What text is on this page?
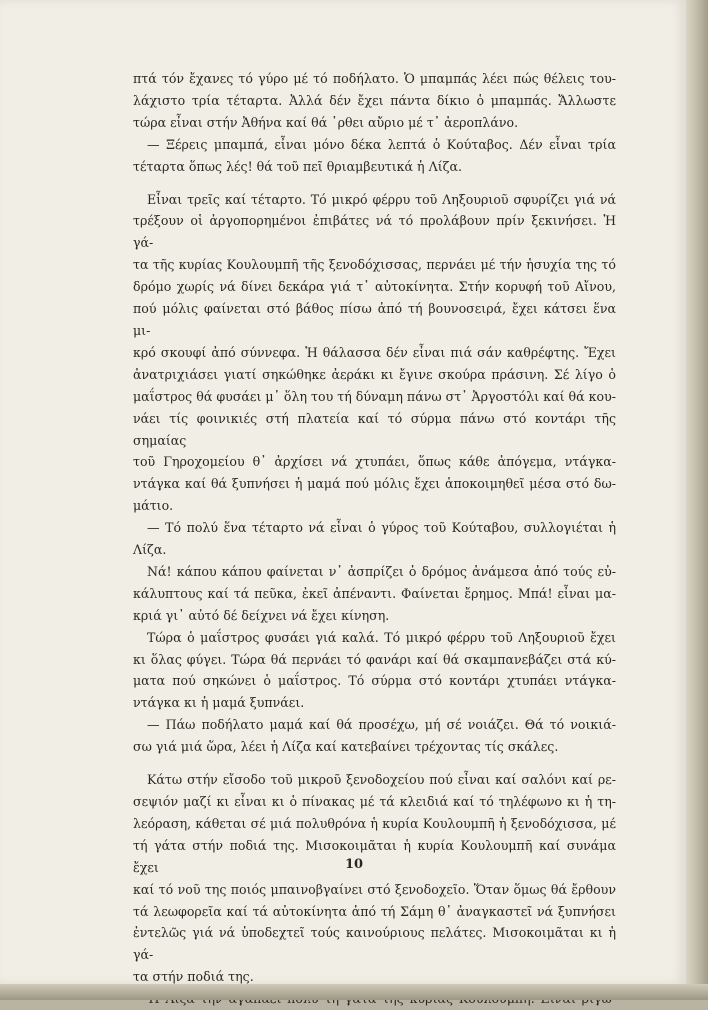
πτά τόν ἔχανες τό γύρο μέ τό ποδήλατο. Ὁ μπαμπάς λέει πώς θέλεις του-

λάχιστο τρία τέταρτα. Ἀλλά δέν ἔχει πάντα δίκιο ὁ μπαμπάς. Ἄλλωστε

τώρα εἶναι στήν Ἀθήνα καί θά ῾ρθει αὔριο μέ τ᾿ ἀεροπλάνο.

— Ξέρεις μπαμπά, εἶναι μόνο δέκα λεπτά ὁ Κούταβος. Δέν εἶναι τρία

τέταρτα ὅπως λές! θά τοῦ πεῖ θριαμβευτικά ἡ Λίζα.

Εἶναι τρεῖς καί τέταρτο. Τό μικρό φέρρυ τοῦ Ληξουριοῦ σφυρίζει γιά νά

τρέξουν οἱ ἀργοπορημένοι ἐπιβάτες νά τό προλάβουν πρίν ξεκινήσει. Ἡ γά-

τα τῆς κυρίας Κουλουμπῆ τῆς ξενοδόχισσας, περνάει μέ τήν ἡσυχία της τό

δρόμο χωρίς νά δίνει δεκάρα γιά τ᾿ αὐτοκίνητα. Στήν κορυφή τοῦ Αἴνου,

πού μόλις φαίνεται στό βάθος πίσω ἀπό τή βουνοσειρά, ἔχει κάτσει ἕνα μι-

κρό σκουφί ἀπό σύννεφα. Ἡ θάλασσα δέν εἶναι πιά σάν καθρέφτης. Ἔχει

ἀνατριχιάσει γιατί σηκώθηκε ἀεράκι κι ἔγινε σκούρα πράσινη. Σέ λίγο ὁ

μαΐστρος θά φυσάει μ᾿ ὅλη του τή δύναμη πάνω στ᾿ Ἀργοστόλι καί θά κου-

νάει τίς φοινικιές στή πλατεία καί τό σύρμα πάνω στό κοντάρι τῆς σημαίας

τοῦ Γηροχομείου θ᾿ ἀρχίσει νά χτυπάει, ὅπως κάθε ἀπόγεμα, ντάγκα-

ντάγκα καί θά ξυπνήσει ἡ μαμά πού μόλις ἔχει ἀποκοιμηθεῖ μέσα στό δω-

μάτιο.

— Τό πολύ ἕνα τέταρτο νά εἶναι ὁ γύρος τοῦ Κούταβου, συλλογιέται ἡ

Λίζα.

Νά! κάπου κάπου φαίνεται ν᾿ ἀσπρίζει ὁ δρόμος ἀνάμεσα ἀπό τούς εὐ-

κάλυπτους καί τά πεῦκα, ἐκεῖ ἀπέναντι. Φαίνεται ἔρημος. Μπά! εἶναι μα-

κριά γι᾿ αὐτό δέ δείχνει νά ἔχει κίνηση.

Τώρα ὁ μαΐστρος φυσάει γιά καλά. Τό μικρό φέρρυ τοῦ Ληξουριοῦ ἔχει

κι ὅλας φύγει. Τώρα θά περνάει τό φανάρι καί θά σκαμπανεβάζει στά κύ-

ματα πού σηκώνει ὁ μαΐστρος. Τό σύρμα στό κοντάρι χτυπάει ντάγκα-

ντάγκα κι ἡ μαμά ξυπνάει.

— Πάω ποδήλατο μαμά καί θά προσέχω, μή σέ νοιάζει. Θά τό νοικιά-

σω γιά μιά ὥρα, λέει ἡ Λίζα καί κατεβαίνει τρέχοντας τίς σκάλες.

Κάτω στήν εἴσοδο τοῦ μικροῦ ξενοδοχείου πού εἶναι καί σαλόνι καί ρε-

σεψιόν μαζί κι εἶναι κι ὁ πίνακας μέ τά κλειδιά καί τό τηλέφωνο κι ἡ τη-

λεόραση, κάθεται σέ μιά πολυθρόνα ἡ κυρία Κουλουμπῆ ἡ ξενοδόχισσα, μέ

τή γάτα στήν ποδιά της. Μισοκοιμᾶται ἡ κυρία Κουλουμπῆ καί συνάμα ἔχει

καί τό νοῦ της ποιός μπαινοβγαίνει στό ξενοδοχεῖο. Ὅταν ὅμως θά ἔρθουν

τά λεωφορεῖα καί τά αὐτοκίνητα ἀπό τή Σάμη θ᾿ ἀναγκαστεῖ νά ξυπνήσει

ἐντελῶς γιά νά ὑποδεχτεῖ τούς καινούριους πελάτες. Μισοκοιμᾶται κι ἡ γά-

τα στήν ποδιά της.

10
